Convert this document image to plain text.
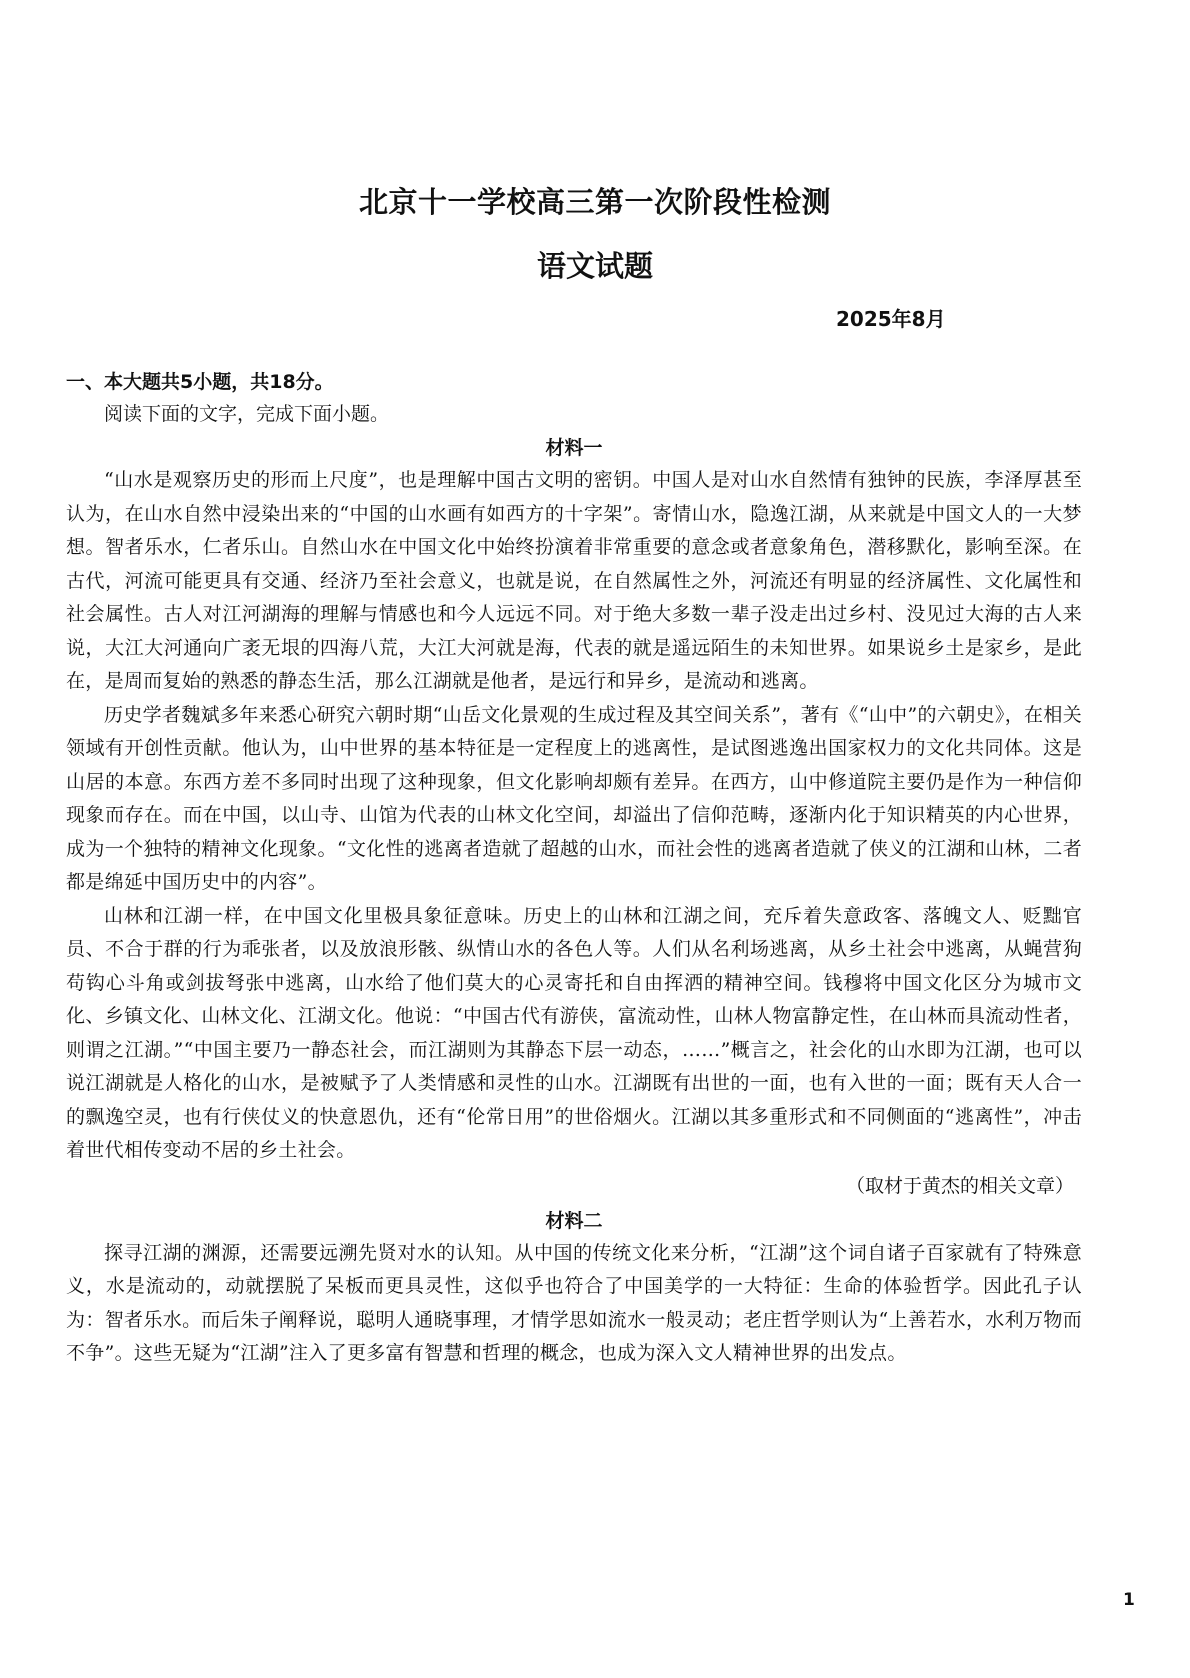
北京十一学校高三第一次阶段性检测
语文试题
2025年8月

一、本大题共5小题，共18分。

阅读下面的文字，完成下面小题。

材料一

“山水是观察历史的形而上尺度”，也是理解中国古文明的密钥。中国人是对山水自然情有独钟的民族，李泽厚甚至认为，在山水自然中浸染出来的“中国的山水画有如西方的十字架”。寄情山水，隐逸江湖，从来就是中国文人的一大梦想。智者乐水，仁者乐山。自然山水在中国文化中始终扮演着非常重要的意念或者意象角色，潜移默化，影响至深。在古代，河流可能更具有交通、经济乃至社会意义，也就是说，在自然属性之外，河流还有明显的经济属性、文化属性和社会属性。古人对江河湖海的理解与情感也和今人远远不同。对于绝大多数一辈子没走出过乡村、没见过大海的古人来说，大江大河通向广袤无垠的四海八荒，大江大河就是海，代表的就是遥远陌生的未知世界。如果说乡土是家乡，是此在，是周而复始的熟悉的静态生活，那么江湖就是他者，是远行和异乡，是流动和逃离。

历史学者魏斌多年来悉心研究六朝时期“山岳文化景观的生成过程及其空间关系”，著有《“山中”的六朝史》，在相关领域有开创性贡献。他认为，山中世界的基本特征是一定程度上的逃离性，是试图逃逸出国家权力的文化共同体。这是山居的本意。东西方差不多同时出现了这种现象，但文化影响却颇有差异。在西方，山中修道院主要仍是作为一种信仰现象而存在。而在中国，以山寺、山馆为代表的山林文化空间，却溢出了信仰范畴，逐渐内化于知识精英的内心世界，成为一个独特的精神文化现象。“文化性的逃离者造就了超越的山水，而社会性的逃离者造就了侠义的江湖和山林，二者都是绵延中国历史中的内容”。

山林和江湖一样，在中国文化里极具象征意味。历史上的山林和江湖之间，充斥着失意政客、落魄文人、贬黜官员、不合于群的行为乖张者，以及放浪形骸、纵情山水的各色人等。人们从名利场逃离，从乡土社会中逃离，从蝇营狗苟钩心斗角或剑拔弩张中逃离，山水给了他们莫大的心灵寄托和自由挥洒的精神空间。钱穆将中国文化区分为城市文化、乡镇文化、山林文化、江湖文化。他说：“中国古代有游侠，富流动性，山林人物富静定性，在山林而具流动性者，则谓之江湖。”“中国主要乃一静态社会，而江湖则为其静态下层一动态，……”概言之，社会化的山水即为江湖，也可以说江湖就是人格化的山水，是被赋予了人类情感和灵性的山水。江湖既有出世的一面，也有入世的一面；既有天人合一的飘逸空灵，也有行侠仗义的快意恩仇，还有“伦常日用”的世俗烟火。江湖以其多重形式和不同侧面的“逃离性”，冲击着世代相传变动不居的乡土社会。

（取材于黄杰的相关文章）

材料二

探寻江湖的渊源，还需要远溯先贤对水的认知。从中国的传统文化来分析，“江湖”这个词自诸子百家就有了特殊意义，水是流动的，动就摆脱了呆板而更具灵性，这似乎也符合了中国美学的一大特征：生命的体验哲学。因此孔子认为：智者乐水。而后朱子阐释说，聪明人通晓事理，才情学思如流水一般灵动；老庄哲学则认为“上善若水，水利万物而不争”。这些无疑为“江湖”注入了更多富有智慧和哲理的概念，也成为深入文人精神世界的出发点。

1
